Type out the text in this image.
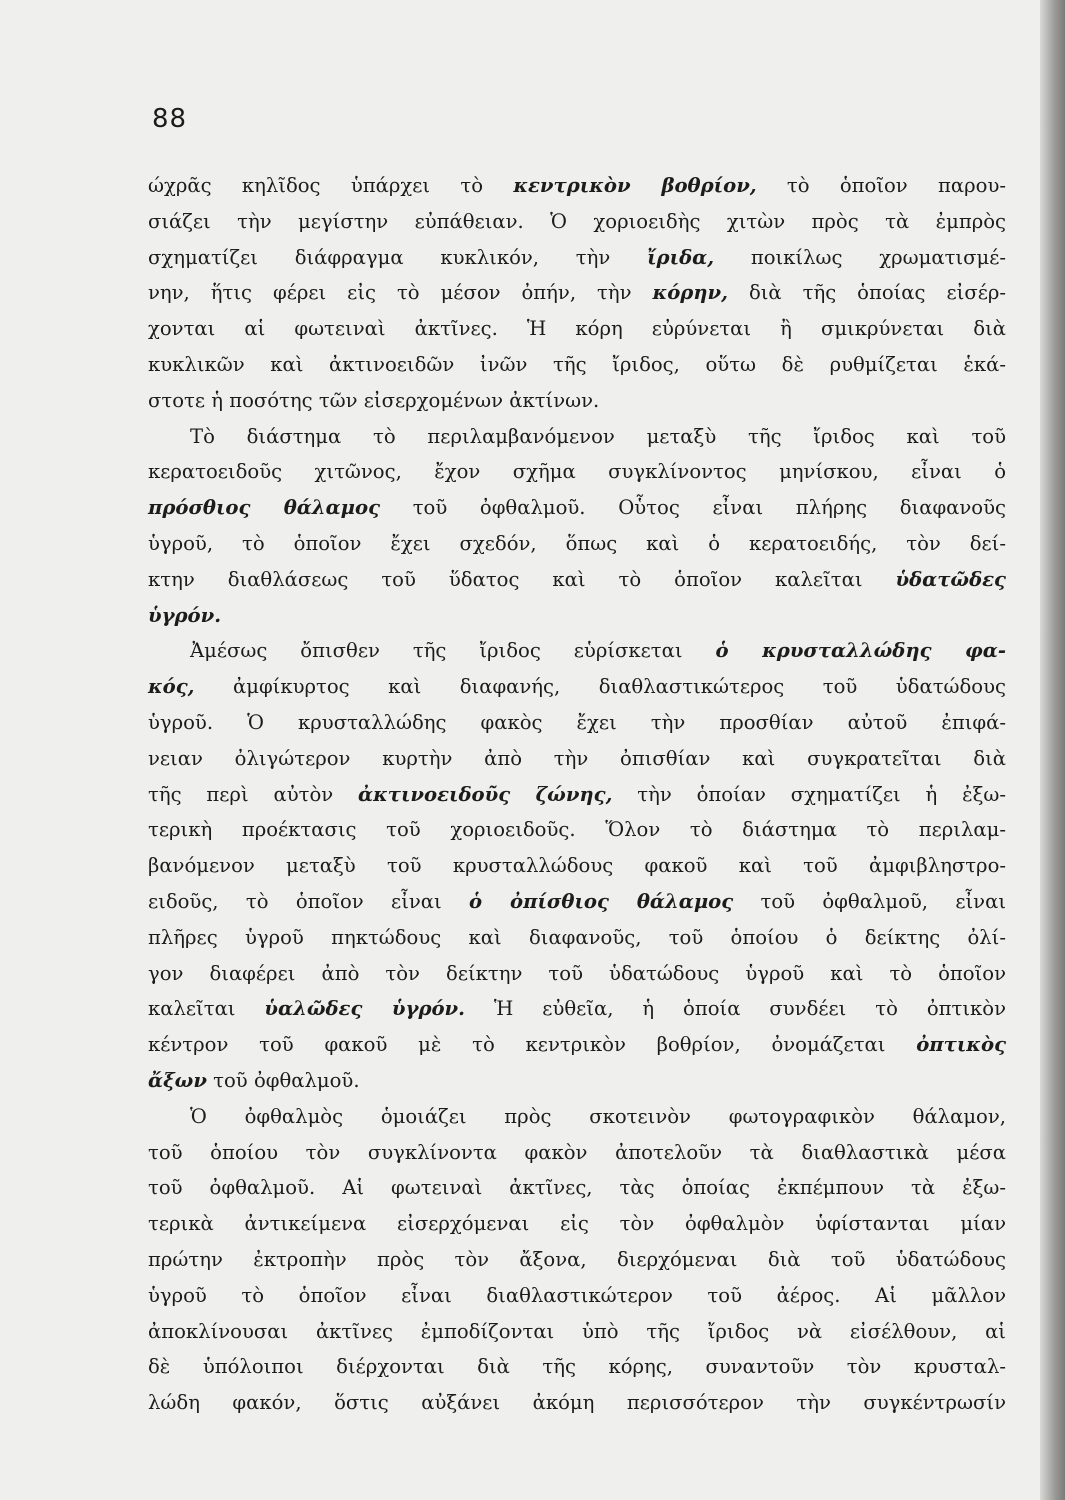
88
ώχρᾶς κηλῖδος ὑπάρχει τὸ κεντρικὸν βοθρίον, τὸ ὁποῖον παρου-
σιάζει τὴν μεγίστην εὐπάθειαν. Ὁ χοριοειδὴς χιτὼν πρὸς τὰ ἐμπρὸς
σχηματίζει διάφραγμα κυκλικόν, τὴν ἴριδα, ποικίλως χρωματισμέ-
νην, ἥτις φέρει εἰς τὸ μέσον ὀπήν, τὴν κόρην, διὰ τῆς ὁποίας εἰσέρ-
χονται αἱ φωτειναὶ ἀκτῖνες. Ἡ κόρη εὐρύνεται ἢ σμικρύνεται διὰ
κυκλικῶν καὶ ἀκτινοειδῶν ἰνῶν τῆς ἴριδος, οὕτω δὲ ρυθμίζεται ἑκά-
στοτε ἡ ποσότης τῶν εἰσερχομένων ἀκτίνων.
Τὸ διάστημα τὸ περιλαμβανόμενον μεταξὺ τῆς ἴριδος καὶ τοῦ
κερατοειδοῦς χιτῶνος, ἔχον σχῆμα συγκλίνοντος μηνίσκου, εἶναι ὁ
πρόσθιος θάλαμος τοῦ ὀφθαλμοῦ. Οὗτος εἶναι πλήρης διαφανοῦς
ὑγροῦ, τὸ ὁποῖον ἔχει σχεδόν, ὅπως καὶ ὁ κερατοειδής, τὸν δεί-
κτην διαθλάσεως τοῦ ὕδατος καὶ τὸ ὁποῖον καλεῖται ὑδατῶδες
ὑγρόν.
Ἀμέσως ὄπισθεν τῆς ἴριδος εὑρίσκεται ὁ κρυσταλλώδης φα-
κός, ἀμφίκυρτος καὶ διαφανής, διαθλαστικώτερος τοῦ ὑδατώδους
ὑγροῦ. Ὁ κρυσταλλώδης φακὸς ἔχει τὴν προσθίαν αὐτοῦ ἐπιφά-
νειαν ὀλιγώτερον κυρτὴν ἀπὸ τὴν ὀπισθίαν καὶ συγκρατεῖται διὰ
τῆς περὶ αὐτὸν ἀκτινοειδοῦς ζώνης, τὴν ὁποίαν σχηματίζει ἡ ἐξω-
τερικὴ προέκτασις τοῦ χοριοειδοῦς. Ὅλον τὸ διάστημα τὸ περιλαμ-
βανόμενον μεταξὺ τοῦ κρυσταλλώδους φακοῦ καὶ τοῦ ἀμφιβληστρο-
ειδοῦς, τὸ ὁποῖον εἶναι ὁ ὀπίσθιος θάλαμος τοῦ ὀφθαλμοῦ, εἶναι
πλῆρες ὑγροῦ πηκτώδους καὶ διαφανοῦς, τοῦ ὁποίου ὁ δείκτης ὀλί-
γον διαφέρει ἀπὸ τὸν δείκτην τοῦ ὑδατώδους ὑγροῦ καὶ τὸ ὁποῖον
καλεῖται ὑαλῶδες ὑγρόν. Ἡ εὐθεῖα, ἡ ὁποία συνδέει τὸ ὀπτικὸν
κέντρον τοῦ φακοῦ μὲ τὸ κεντρικὸν βοθρίον, ὀνομάζεται ὀπτικὸς
ἄξων τοῦ ὀφθαλμοῦ.
Ὁ ὀφθαλμὸς ὁμοιάζει πρὸς σκοτεινὸν φωτογραφικὸν θάλαμον,
τοῦ ὁποίου τὸν συγκλίνοντα φακὸν ἀποτελοῦν τὰ διαθλαστικὰ μέσα
τοῦ ὀφθαλμοῦ. Αἱ φωτειναὶ ἀκτῖνες, τὰς ὁποίας ἐκπέμπουν τὰ ἐξω-
τερικὰ ἀντικείμενα εἰσερχόμεναι εἰς τὸν ὀφθαλμὸν ὑφίστανται μίαν
πρώτην ἐκτροπὴν πρὸς τὸν ἄξονα, διερχόμεναι διὰ τοῦ ὑδατώδους
ὑγροῦ τὸ ὁποῖον εἶναι διαθλαστικώτερον τοῦ ἀέρος. Αἱ μᾶλλον
ἀποκλίνουσαι ἀκτῖνες ἐμποδίζονται ὑπὸ τῆς ἴριδος νὰ εἰσέλθουν, αἱ
δὲ ὑπόλοιποι διέρχονται διὰ τῆς κόρης, συναντοῦν τὸν κρυσταλ-
λώδη φακόν, ὅστις αὐξάνει ἀκόμη περισσότερον τὴν συγκέντρωσίν
